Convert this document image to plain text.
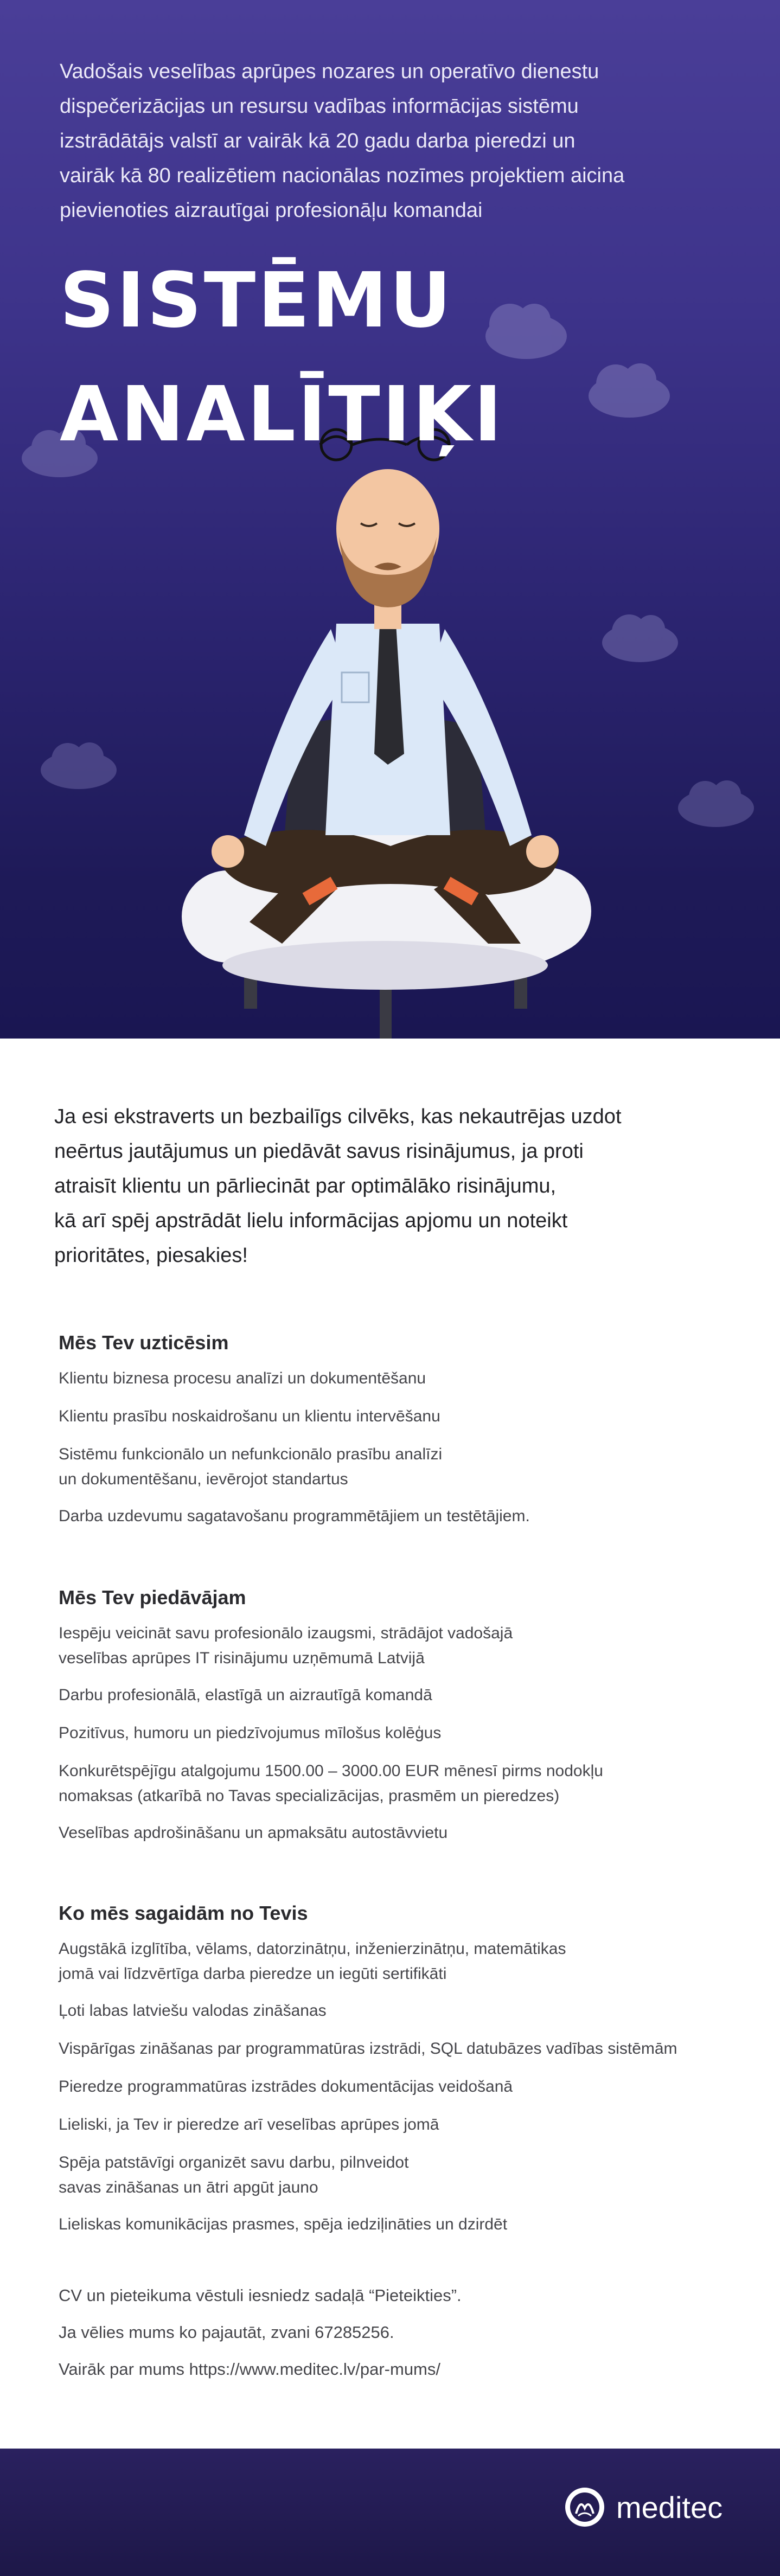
Vadošais veselības aprūpes nozares un operatīvo dienestu
dispečerizācijas un resursu vadības informācijas sistēmu
izstrādātājs valstī ar vairāk kā 20 gadu darba pieredzi un
vairāk kā 80 realizētiem nacionālas nozīmes projektiem aicina
pievienoties aizrautīgai profesionāļu komandai
SISTĒMU
ANALĪTIĶI
Ja esi ekstraverts un bezbailīgs cilvēks, kas nekautrējas uzdot
neērtus jautājumus un piedāvāt savus risinājumus, ja proti
atraisīt klientu un pārliecināt par optimālāko risinājumu,
kā arī spēj apstrādāt lielu informācijas apjomu un noteikt
prioritātes, piesakies!
Mēs Tev uzticēsim
Klientu biznesa procesu analīzi un dokumentēšanu
Klientu prasību noskaidrošanu un klientu intervēšanu
Sistēmu funkcionālo un nefunkcionālo prasību analīzi
un dokumentēšanu, ievērojot standartus
Darba uzdevumu sagatavošanu programmētājiem un testētājiem.
Mēs Tev piedāvājam
Iespēju veicināt savu profesionālo izaugsmi, strādājot vadošajā
veselības aprūpes IT risinājumu uzņēmumā Latvijā
Darbu profesionālā, elastīgā un aizrautīgā komandā
Pozitīvus, humoru un piedzīvojumus mīlošus kolēģus
Konkurētspējīgu atalgojumu 1500.00 – 3000.00 EUR mēnesī pirms nodokļu
nomaksas (atkarībā no Tavas specializācijas, prasmēm un pieredzes)
Veselības apdrošināšanu un apmaksātu autostāvvietu
Ko mēs sagaidām no Tevis
Augstākā izglītība, vēlams, datorzinātņu, inženierzinātņu, matemātikas
jomā vai līdzvērtīga darba pieredze un iegūti sertifikāti
Ļoti labas latviešu valodas zināšanas
Vispārīgas zināšanas par programmatūras izstrādi, SQL datubāzes vadības sistēmām
Pieredze programmatūras izstrādes dokumentācijas veidošanā
Lieliski, ja Tev ir pieredze arī veselības aprūpes jomā
Spēja patstāvīgi organizēt savu darbu, pilnveidot
savas zināšanas un ātri apgūt jauno
Lieliskas komunikācijas prasmes, spēja iedziļināties un dzirdēt
CV un pieteikuma vēstuli iesniedz sadaļā “Pieteikties”.
Ja vēlies mums ko pajautāt, zvani 67285256.
Vairāk par mums https://www.meditec.lv/par-mums/
meditec
